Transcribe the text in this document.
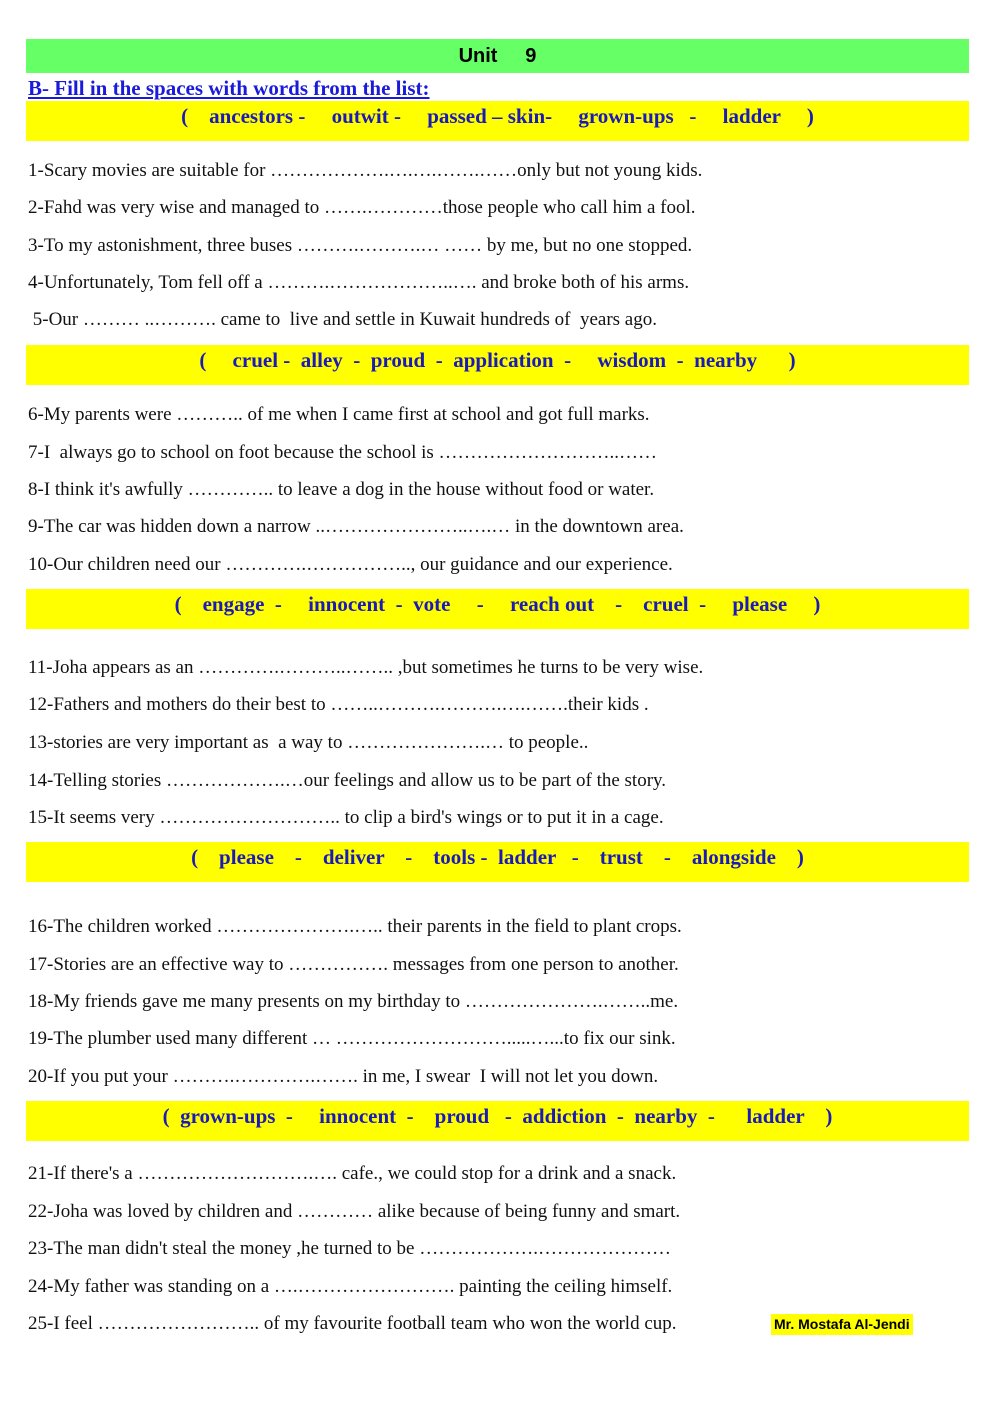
Unit     9
B- Fill in the spaces with words from the list:
(    ancestors -     outwit -     passed – skin-     grown-ups   -     ladder     )
1-Scary movies are suitable for ……………….….….…….……only but not young kids.
2-Fahd was very wise and managed to …….…………those people who call him a fool.
3-To my astonishment, three buses ……….……….… …… by me, but no one stopped.
4-Unfortunately, Tom fell off a ……….………………..…. and broke both of his arms.
5-Our ……… ..………. came to  live and settle in Kuwait hundreds of  years ago.
(     cruel -  alley  -  proud  -  application  -     wisdom  -  nearby      )
6-My parents were ……….. of me when I came first at school and got full marks.
7-I  always go to school on foot because the school is ………………………..……
8-I think it's awfully ………….. to leave a dog in the house without food or water.
9-The car was hidden down a narrow ..…………………..….… in the downtown area.
10-Our children need our ………….…………….., our guidance and our experience.
(    engage  -     innocent  -  vote     -     reach out    -    cruel  -     please     )
11-Joha appears as an ………….………..…….. ,but sometimes he turns to be very wise.
12-Fathers and mothers do their best to ……..……….……….….…….their kids .
13-stories are very important as  a way to ………………….… to people..
14-Telling stories ……………….…our feelings and allow us to be part of the story.
15-It seems very ……………………….. to clip a bird's wings or to put it in a cage.
(    please    -    deliver    -    tools -  ladder   -    trust    -    alongside    )
16-The children worked ………………….….. their parents in the field to plant crops.
17-Stories are an effective way to ……………. messages from one person to another.
18-My friends gave me many presents on my birthday to ………………….……..me.
19-The plumber used many different … ……………………….....…...to fix our sink.
20-If you put your ……….………….……. in me, I swear  I will not let you down.
(  grown-ups  -     innocent  -    proud   -  addiction  -  nearby  -      ladder    )
21-If there's a ……………………….…. cafe., we could stop for a drink and a snack.
22-Joha was loved by children and ………… alike because of being funny and smart.
23-The man didn't steal the money ,he turned to be ……………….…………………
24-My father was standing on a ….……………………. painting the ceiling himself.
25-I feel …………………….. of my favourite football team who won the world cup.	Mr. Mostafa Al-Jendi
